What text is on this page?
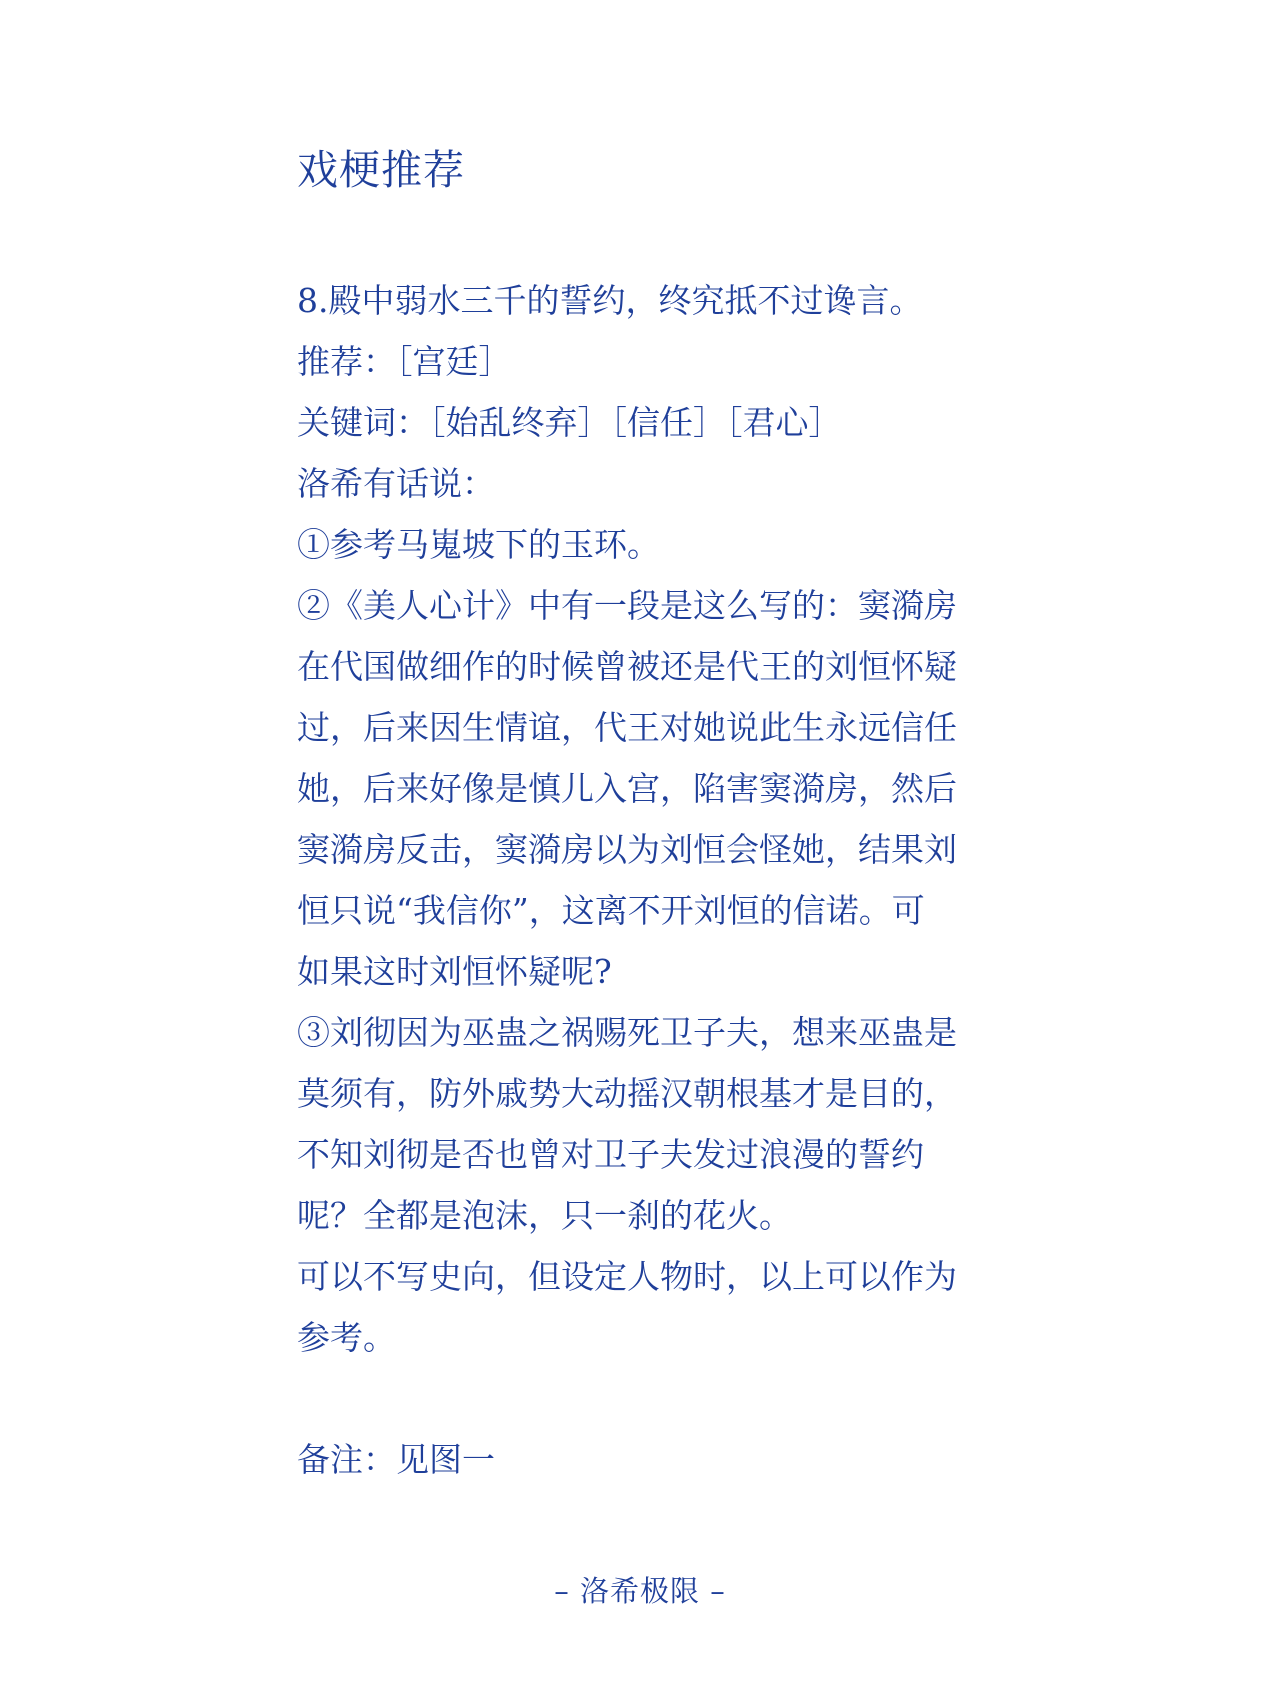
戏梗推荐
8.殿中弱水三千的誓约，终究抵不过谗言。
推荐：［宫廷］
关键词：［始乱终弃］［信任］［君心］
洛希有话说：
①参考马嵬坡下的玉环。
②《美人心计》中有一段是这么写的：窦漪房
在代国做细作的时候曾被还是代王的刘恒怀疑
过，后来因生情谊，代王对她说此生永远信任
她，后来好像是慎儿入宫，陷害窦漪房，然后
窦漪房反击，窦漪房以为刘恒会怪她，结果刘
恒只说“我信你”，这离不开刘恒的信诺。可
如果这时刘恒怀疑呢?
③刘彻因为巫蛊之祸赐死卫子夫，想来巫蛊是
莫须有，防外戚势大动摇汉朝根基才是目的，
不知刘彻是否也曾对卫子夫发过浪漫的誓约
呢？全都是泡沫，只一刹的花火。
可以不写史向，但设定人物时，以上可以作为
参考。
备注：见图一
– 洛希极限 –
